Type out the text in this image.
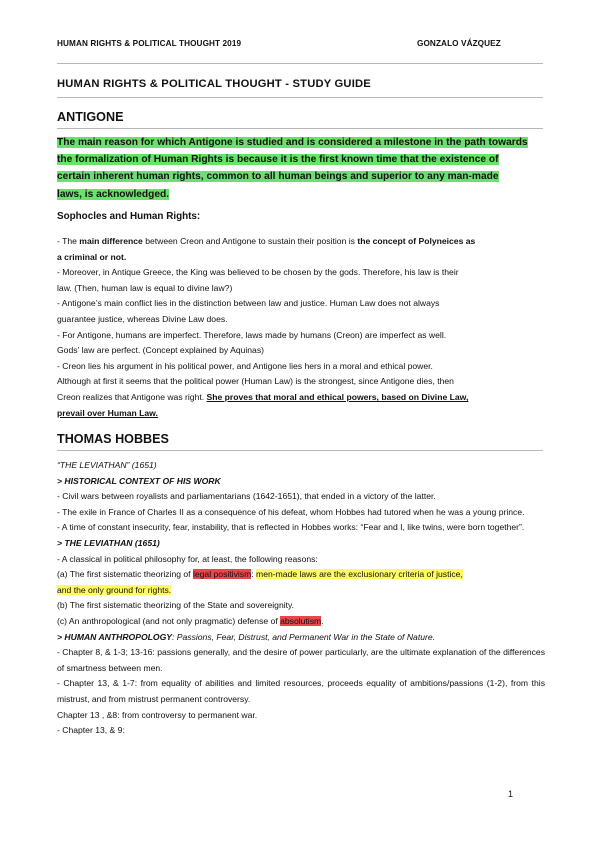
HUMAN RIGHTS & POLITICAL THOUGHT 2019	GONZALO VÁZQUEZ
HUMAN RIGHTS & POLITICAL THOUGHT - STUDY GUIDE
ANTIGONE
The main reason for which Antigone is studied and is considered a milestone in the path towards
the formalization of Human Rights is because it is the first known time that the existence of
certain inherent human rights, common to all human beings and superior to any man-made
laws, is acknowledged.
Sophocles and Human Rights:
- The main difference between Creon and Antigone to sustain their position is the concept of Polyneices as
a criminal or not.
- Moreover, in Antique Greece, the King was believed to be chosen by the gods. Therefore, his law is their
law. (Then, human law is equal to divine law?)
- Antigone’s main conflict lies in the distinction between law and justice. Human Law does not always
guarantee justice, whereas Divine Law does.
- For Antigone, humans are imperfect. Therefore, laws made by humans (Creon) are imperfect as well.
Gods’ law are perfect. (Concept explained by Aquinas)
- Creon lies his argument in his political power, and Antigone lies hers in a moral and ethical power.
Although at first it seems that the political power (Human Law) is the strongest, since Antigone dies, then
Creon realizes that Antigone was right. She proves that moral and ethical powers, based on Divine Law,
prevail over Human Law.
THOMAS HOBBES
“THE LEVIATHAN” (1651)
> HISTORICAL CONTEXT OF HIS WORK
- Civil wars between royalists and parliamentarians (1642-1651), that ended in a victory of the latter.
- The exile in France of Charles II as a consequence of his defeat, whom Hobbes had tutored when he was a young prince.
- A time of constant insecurity, fear, instability, that is reflected in Hobbes works: “Fear and I, like twins, were born together”.
> THE LEVIATHAN (1651)
- A classical in political philosophy for, at least, the following reasons:
(a) The first sistematic theorizing of legal positivism: men-made laws are the exclusionary criteria of justice,
and the only ground for rights.
(b) The first sistematic theorizing of the State and sovereignity.
(c) An anthropological (and not only pragmatic) defense of absolutism.
> HUMAN ANTHROPOLOGY: Passions, Fear, Distrust, and Permanent War in the State of Nature.
- Chapter 8, & 1-3; 13-16: passions generally, and the desire of power particularly, are the ultimate explanation of the differences of smartness between men.
- Chapter 13, & 1-7: from equality of abilities and limited resources, proceeds equality of ambitions/passions (1-2), from this mistrust, and from mistrust permanent controversy.
Chapter 13 , &8: from controversy to permanent war.
- Chapter 13, & 9:
1
